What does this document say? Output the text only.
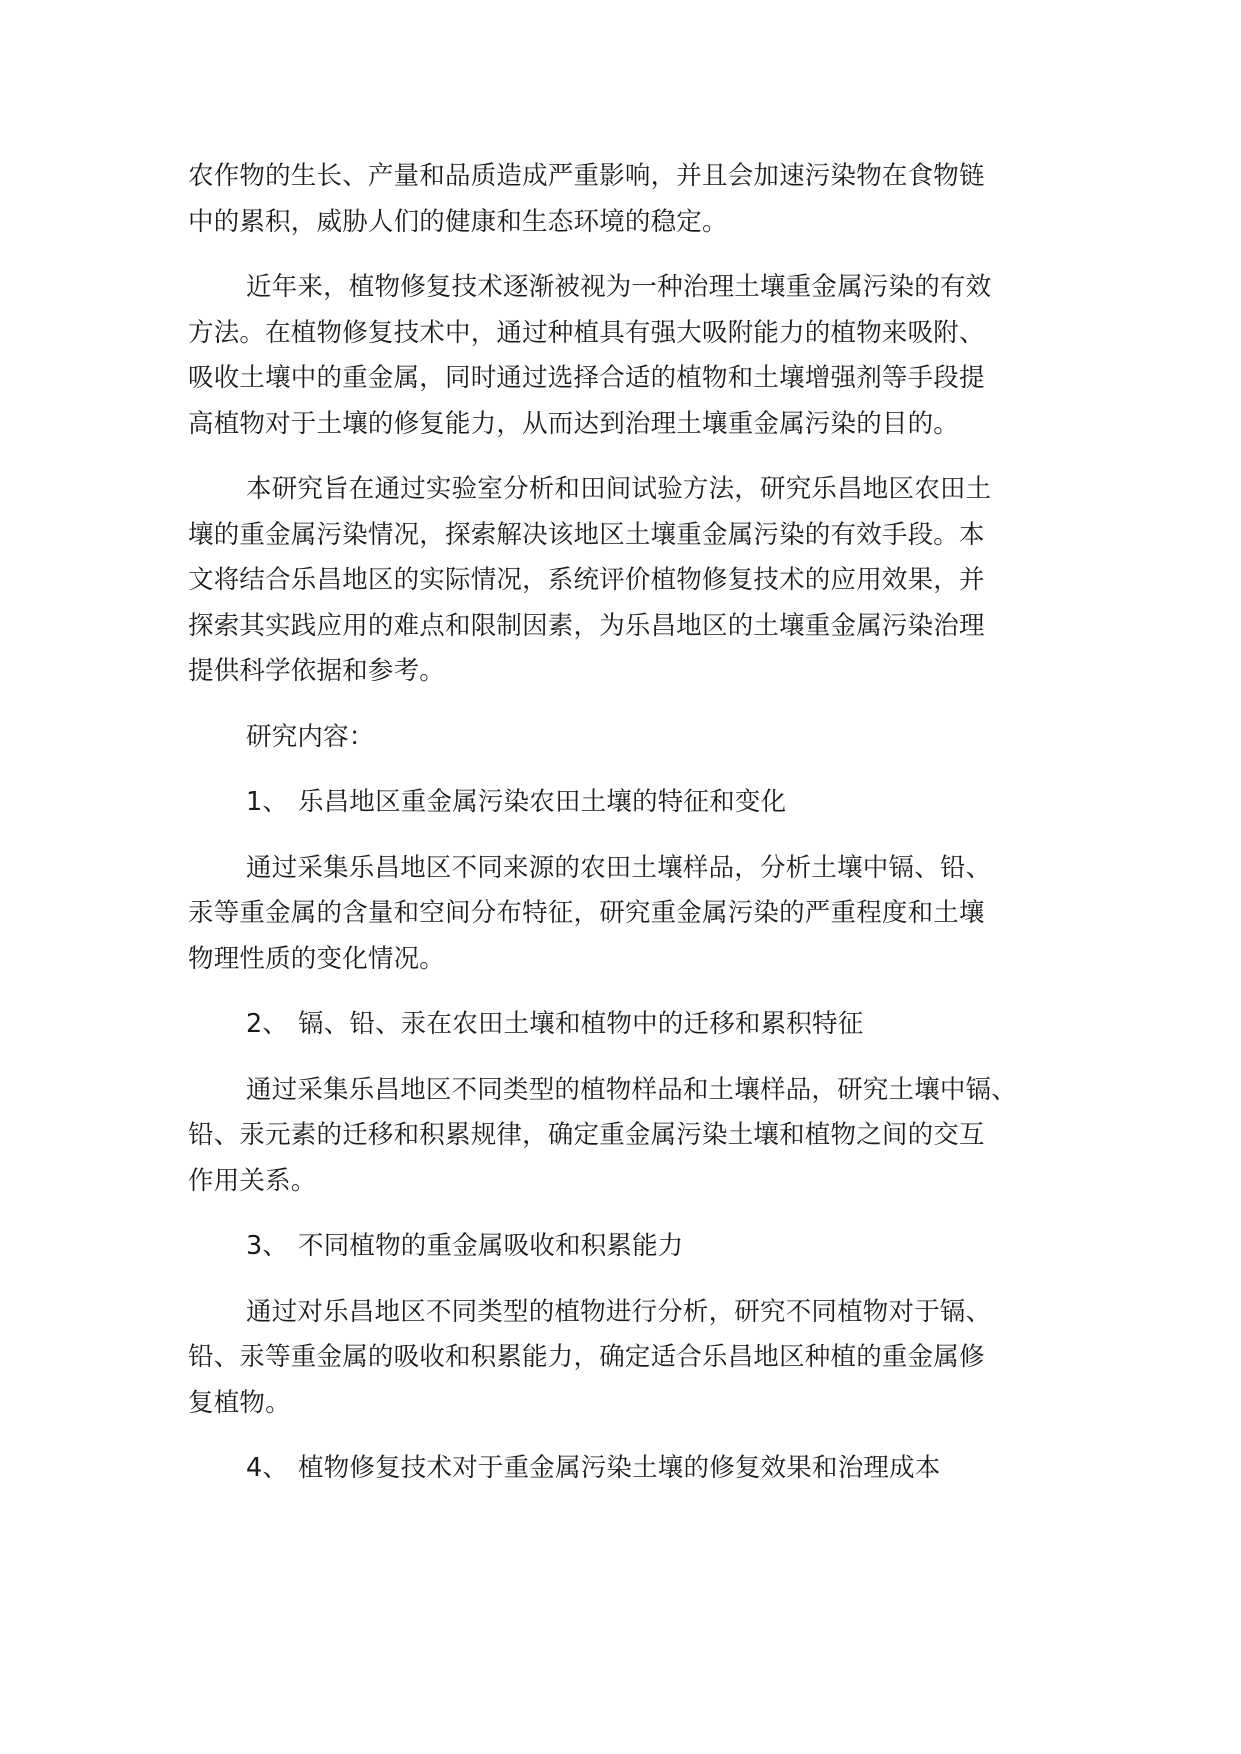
农作物的生长、产量和品质造成严重影响，并且会加速污染物在食物链
中的累积，威胁人们的健康和生态环境的稳定。

近年来，植物修复技术逐渐被视为一种治理土壤重金属污染的有效
方法。在植物修复技术中，通过种植具有强大吸附能力的植物来吸附、
吸收土壤中的重金属，同时通过选择合适的植物和土壤增强剂等手段提
高植物对于土壤的修复能力，从而达到治理土壤重金属污染的目的。

本研究旨在通过实验室分析和田间试验方法，研究乐昌地区农田土
壤的重金属污染情况，探索解决该地区土壤重金属污染的有效手段。本
文将结合乐昌地区的实际情况，系统评价植物修复技术的应用效果，并
探索其实践应用的难点和限制因素，为乐昌地区的土壤重金属污染治理
提供科学依据和参考。

研究内容：

1、 乐昌地区重金属污染农田土壤的特征和变化

通过采集乐昌地区不同来源的农田土壤样品，分析土壤中镉、铅、
汞等重金属的含量和空间分布特征，研究重金属污染的严重程度和土壤
物理性质的变化情况。

2、 镉、铅、汞在农田土壤和植物中的迁移和累积特征

通过采集乐昌地区不同类型的植物样品和土壤样品，研究土壤中镉、
铅、汞元素的迁移和积累规律，确定重金属污染土壤和植物之间的交互
作用关系。

3、 不同植物的重金属吸收和积累能力

通过对乐昌地区不同类型的植物进行分析，研究不同植物对于镉、
铅、汞等重金属的吸收和积累能力，确定适合乐昌地区种植的重金属修
复植物。

4、 植物修复技术对于重金属污染土壤的修复效果和治理成本
